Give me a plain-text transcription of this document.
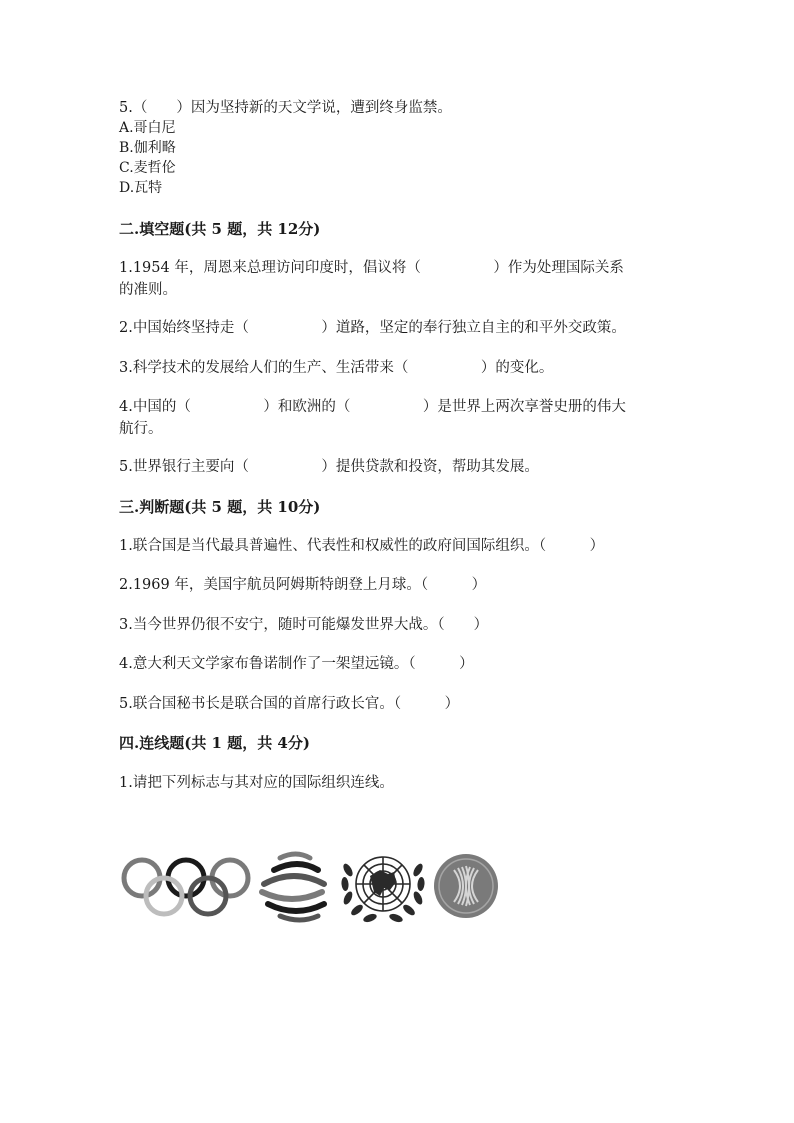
5.（　　）因为坚持新的天文学说，遭到终身监禁。
A.哥白尼
B.伽利略
C.麦哲伦
D.瓦特
二.填空题(共 5 题，共 12分)
1.1954 年，周恩来总理访问印度时，倡议将（　　　　　）作为处理国际关系
的准则。
2.中国始终坚持走（　　　　　）道路，坚定的奉行独立自主的和平外交政策。
3.科学技术的发展给人们的生产、生活带来（　　　　　）的变化。
4.中国的（　　　　　）和欧洲的（　　　　　）是世界上两次享誉史册的伟大
航行。
5.世界银行主要向（　　　　　）提供贷款和投资，帮助其发展。
三.判断题(共 5 题，共 10分)
1.联合国是当代最具普遍性、代表性和权威性的政府间国际组织。（　　　）
2.1969 年，美国宇航员阿姆斯特朗登上月球。（　　　）
3.当今世界仍很不安宁，随时可能爆发世界大战。（　　）
4.意大利天文学家布鲁诺制作了一架望远镜。（　　　）
5.联合国秘书长是联合国的首席行政长官。（　　　）
四.连线题(共 1 题，共 4分)
1.请把下列标志与其对应的国际组织连线。
